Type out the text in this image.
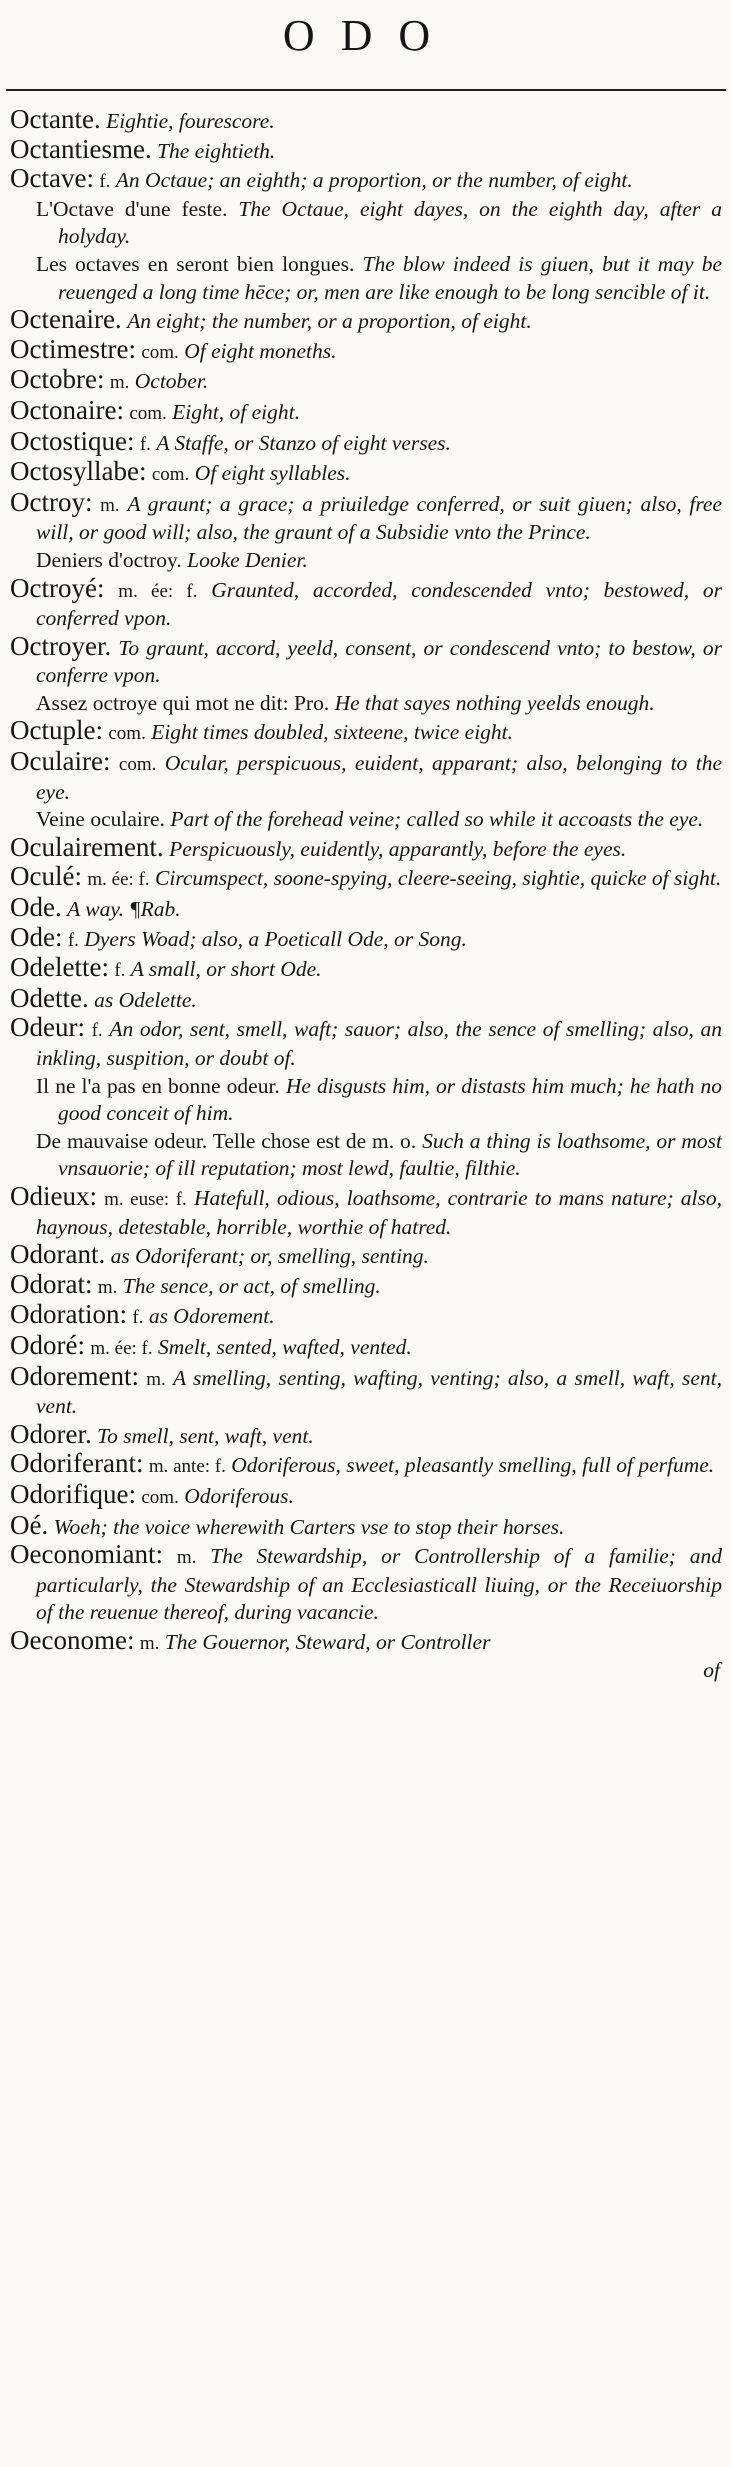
ODO

Octante. Eightie, fourescore.

Octantiesme. The eightieth.

Octave: f. An Octaue; an eighth; a proportion, or the number, of eight.

L'Octave d'une feste. The Octaue, eight dayes, on the eighth day, after a holyday.

Les octaves en seront bien longues. The blow indeed is giuen, but it may be reuenged a long time hēce; or, men are like enough to be long sencible of it.

Octenaire. An eight; the number, or a proportion, of eight.

Octimestre: com. Of eight moneths.

Octobre: m. October.

Octonaire: com. Eight, of eight.

Octostique: f. A Staffe, or Stanzo of eight verses.

Octosyllabe: com. Of eight syllables.

Octroy: m. A graunt; a grace; a priuiledge conferred, or suit giuen; also, free will, or good will; also, the graunt of a Subsidie vnto the Prince.

Deniers d'octroy. Looke Denier.

Octroyé: m. ée: f. Graunted, accorded, condescended vnto; bestowed, or conferred vpon.

Octroyer. To graunt, accord, yeeld, consent, or condescend vnto; to bestow, or conferre vpon.

Assez octroye qui mot ne dit: Pro. He that sayes nothing yeelds enough.

Octuple: com. Eight times doubled, sixteene, twice eight.

Oculaire: com. Ocular, perspicuous, euident, apparant; also, belonging to the eye.

Veine oculaire. Part of the forehead veine; called so while it accoasts the eye.

Oculairement. Perspicuously, euidently, apparantly, before the eyes.

Oculé: m. ée: f. Circumspect, soone-spying, cleere-seeing, sightie, quicke of sight.

Ode. A way. ¶Rab.

Ode: f. Dyers Woad; also, a Poeticall Ode, or Song.

Odelette: f. A small, or short Ode.

Odette. as Odelette.

Odeur: f. An odor, sent, smell, waft; sauor; also, the sence of smelling; also, an inkling, suspition, or doubt of.

Il ne l'a pas en bonne odeur. He disgusts him, or distasts him much; he hath no good conceit of him.

De mauvaise odeur. Telle chose est de m. o. Such a thing is loathsome, or most vnsauorie; of ill reputation; most lewd, faultie, filthie.

Odieux: m. euse: f. Hatefull, odious, loathsome, contrarie to mans nature; also, haynous, detestable, horrible, worthie of hatred.

Odorant. as Odoriferant; or, smelling, senting.

Odorat: m. The sence, or act, of smelling.

Odoration: f. as Odorement.

Odoré: m. ée: f. Smelt, sented, wafted, vented.

Odorement: m. A smelling, senting, wafting, venting; also, a smell, waft, sent, vent.

Odorer. To smell, sent, waft, vent.

Odoriferant: m. ante: f. Odoriferous, sweet, pleasantly smelling, full of perfume.

Odorifique: com. Odoriferous.

Oé. Woeh; the voice wherewith Carters vse to stop their horses.

Oeconomiant: m. The Stewardship, or Controllership of a familie; and particularly, the Stewardship of an Ecclesiasticall liuing, or the Receiuorship of the reuenue thereof, during vacancie.

Oeconome: m. The Gouernor, Steward, or Controller

of
